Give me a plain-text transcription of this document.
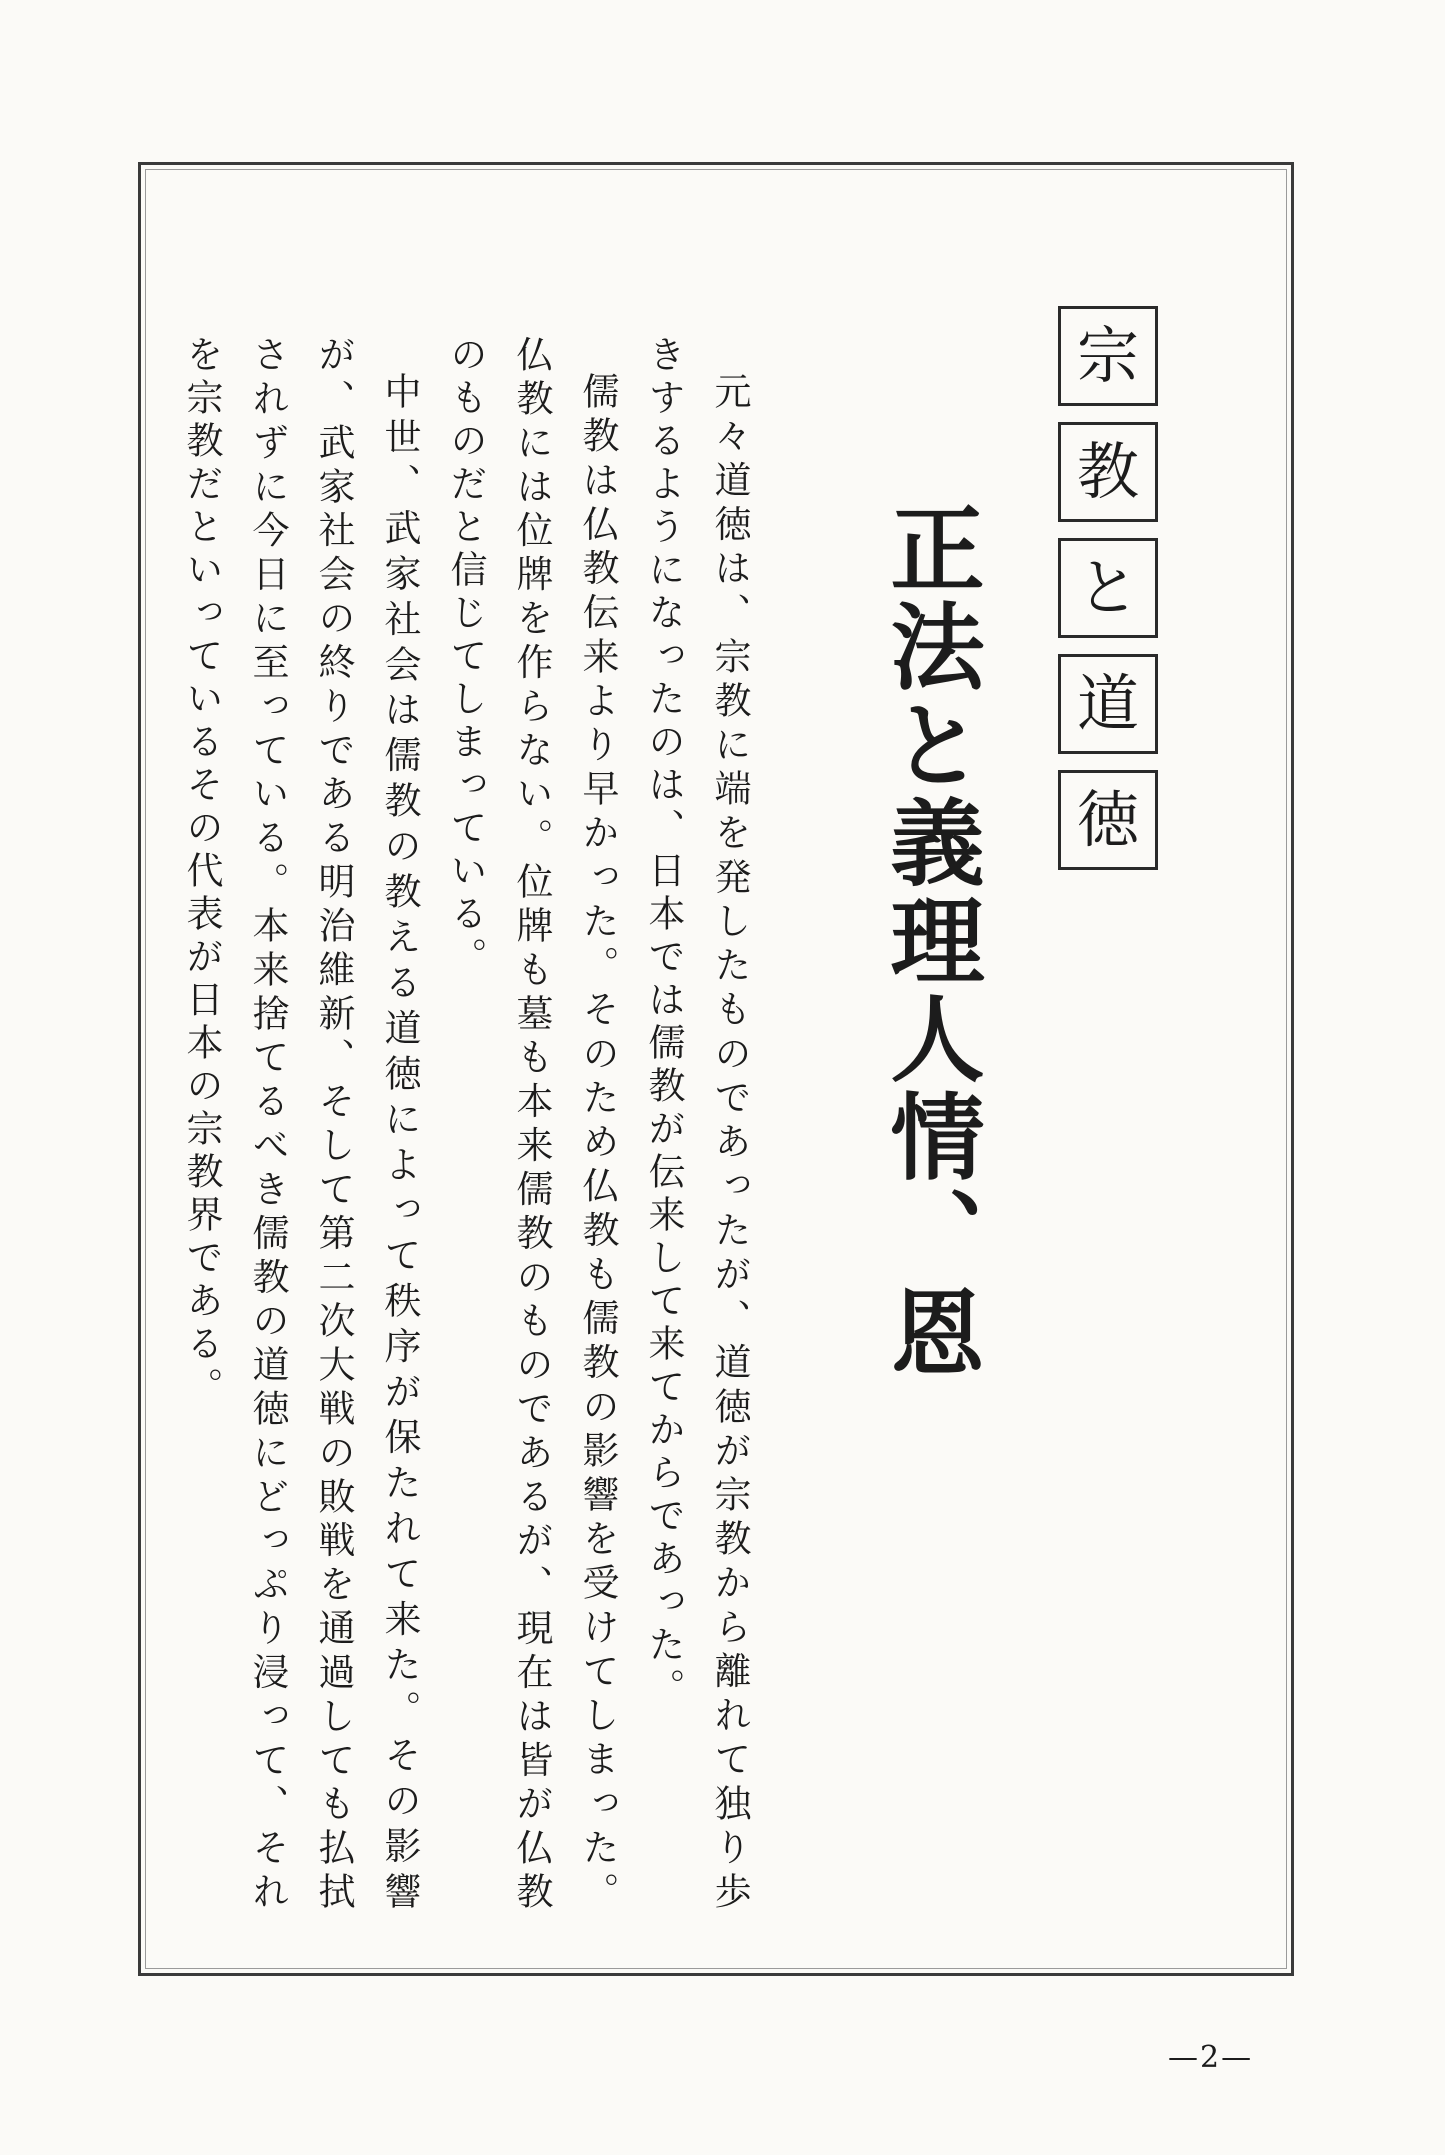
宗
教
と
道
徳
正法と義理人情、恩

元々道徳は、宗教に端を発したものであったが、道徳が宗教から離れて独り歩きするようになったのは、日本では儒教が伝来して来てからであった。

儒教は仏教伝来より早かった。そのため仏教も儒教の影響を受けてしまった。仏教には位牌を作らない。位牌も墓も本来儒教のものであるが、現在は皆が仏教のものだと信じてしまっている。

中世、武家社会は儒教の教える道徳によって秩序が保たれて来た。その影響が、武家社会の終りである明治維新、そして第二次大戦の敗戦を通過しても払拭されずに今日に至っている。本来捨てるべき儒教の道徳にどっぷり浸って、それを宗教だといっているその代表が日本の宗教界である。

—2—
